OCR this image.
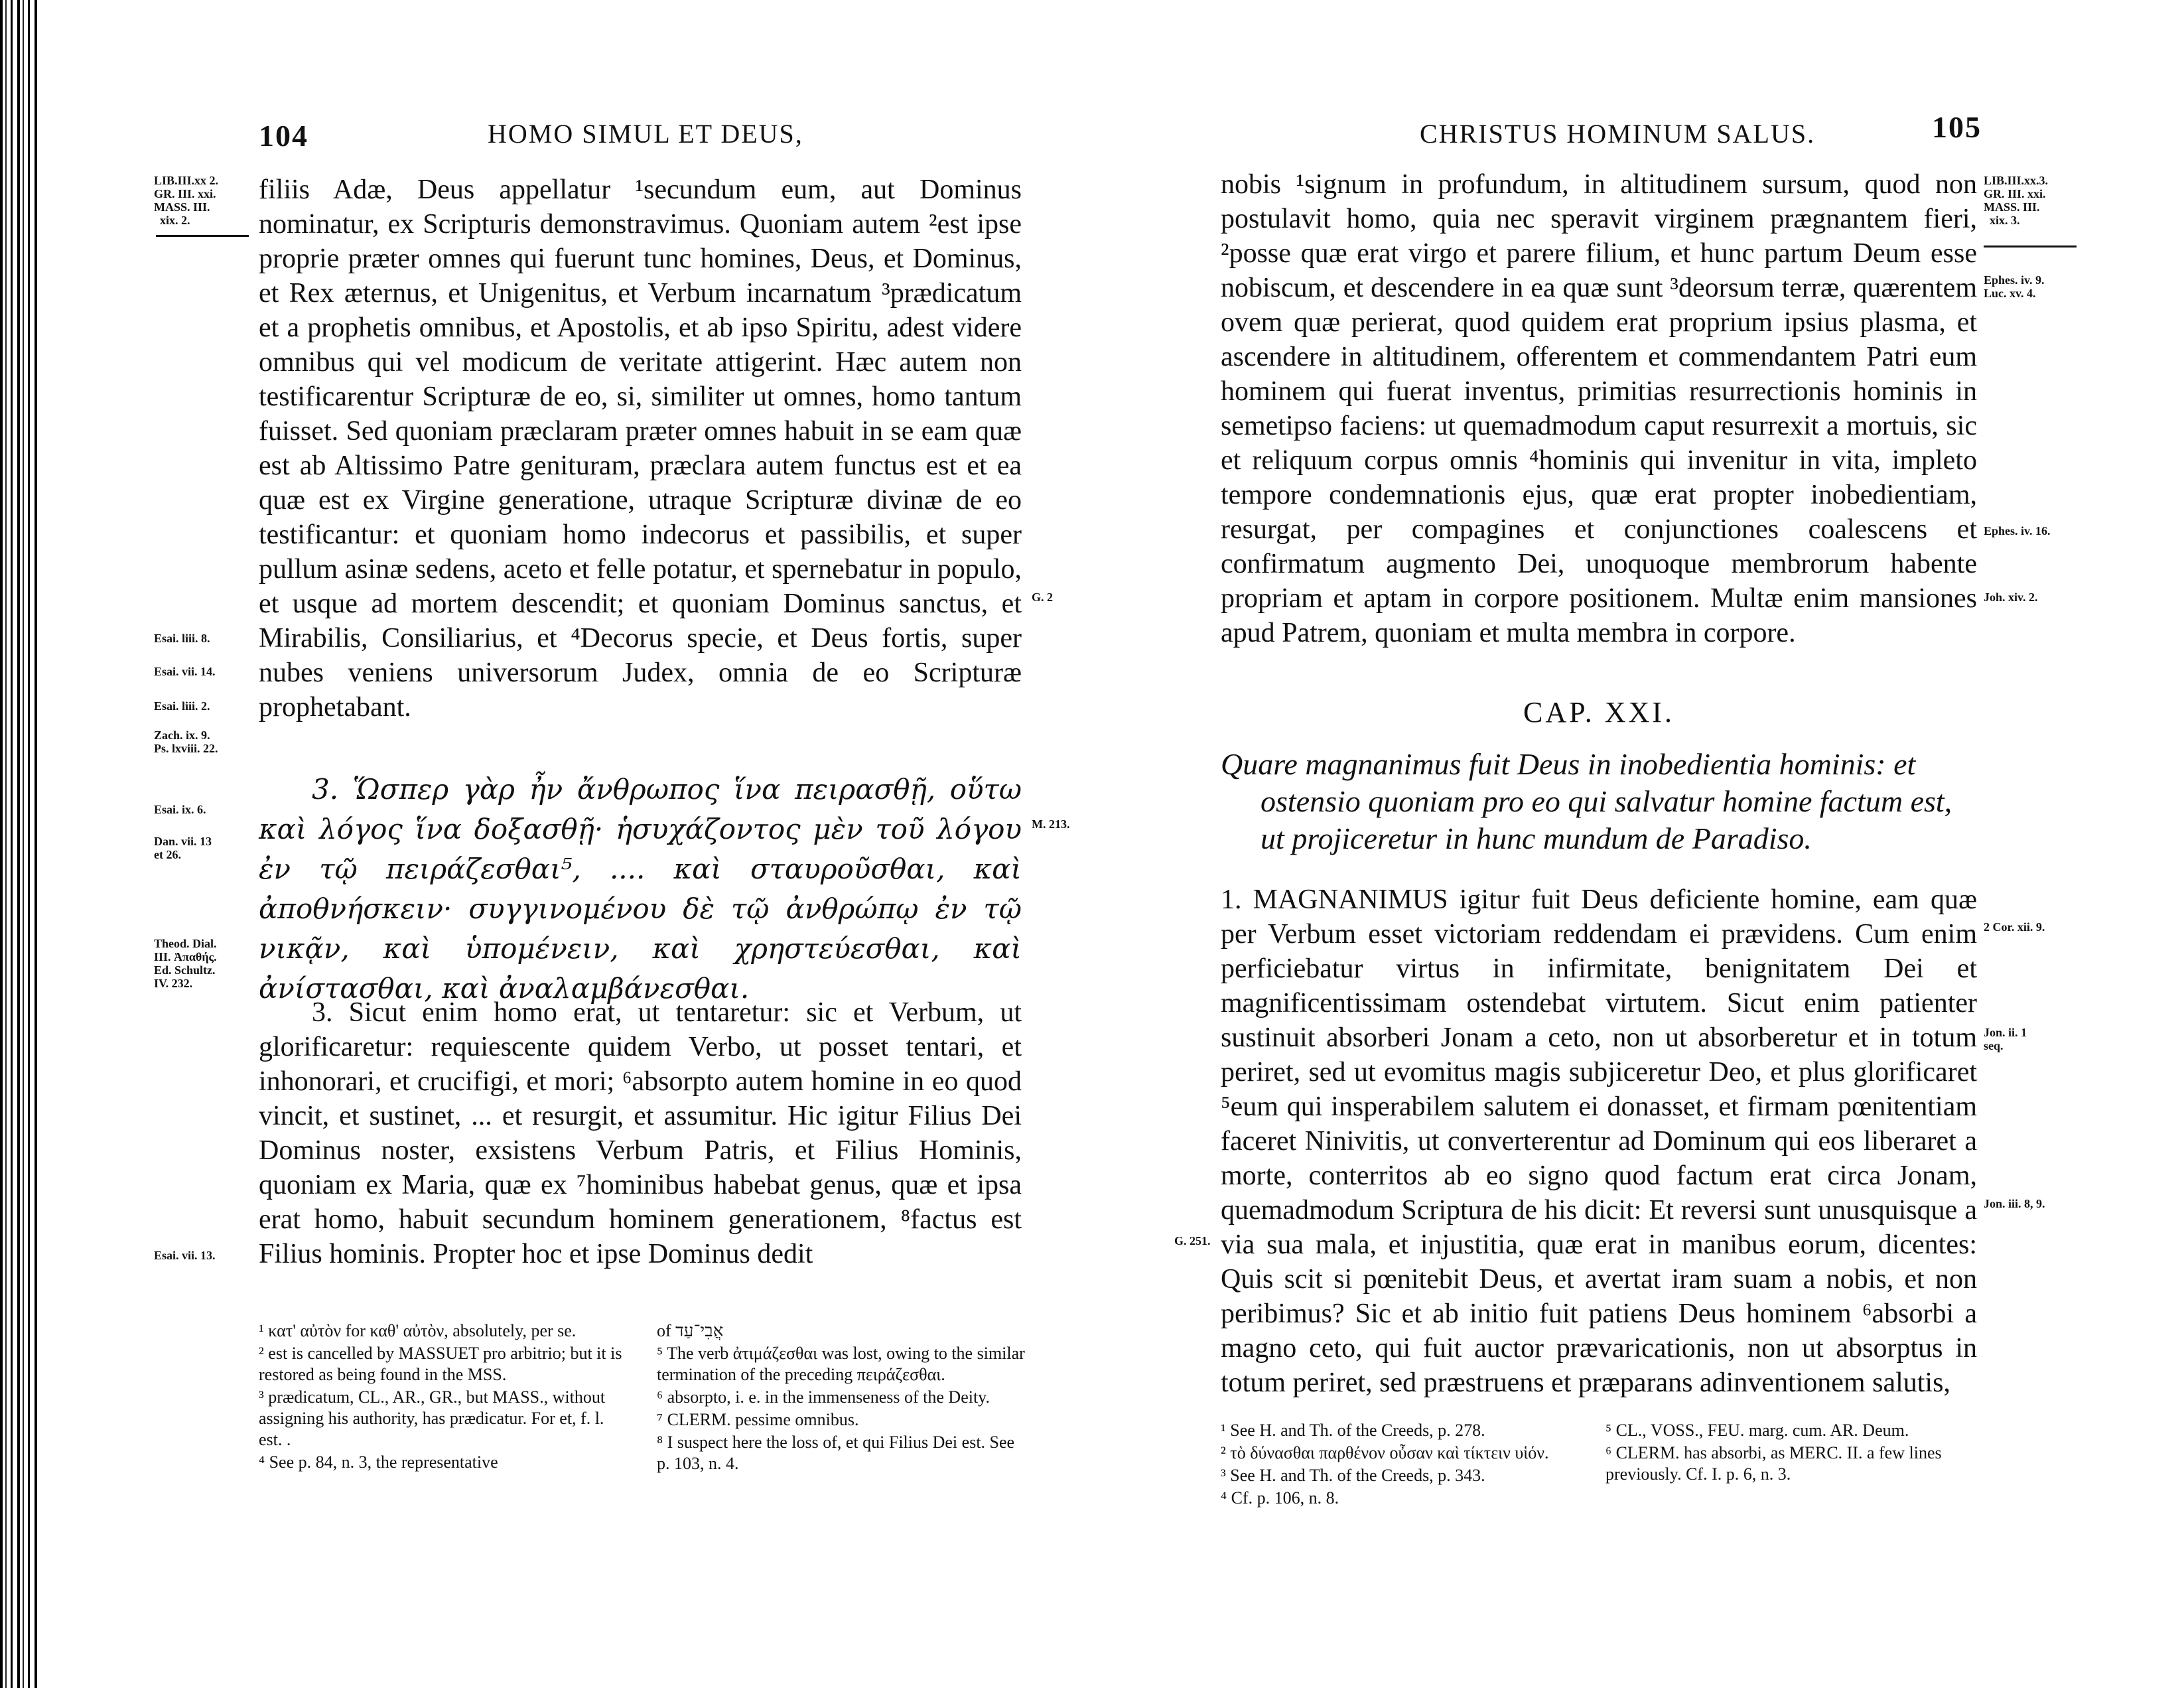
104	HOMO SIMUL ET DEUS,
LIB.III.xx 2.
GR. III. xxi.
MASS. III.
xix. 2.
Esai. liii. 8.
Esai. vii. 14.
Esai. liii. 2.
Zach. ix. 9.
Ps. lxviii. 22.
Esai. ix. 6.
Dan. vii. 13
et 26.
Theod. Dial.
III. Ἀπαθής.
Ed. Schultz.
IV. 232.
Esai. vii. 13.
G. 2
M. 213.

filiis Adæ, Deus appellatur ¹secundum eum, aut Dominus nominatur, ex Scripturis demonstravimus. Quoniam autem ²est ipse proprie præter omnes qui fuerunt tunc homines, Deus, et Dominus, et Rex æternus, et Unigenitus, et Verbum incarnatum ³prædicatum et a prophetis omnibus, et Apostolis, et ab ipso Spiritu, adest videre omnibus qui vel modicum de veritate attigerint. Hæc autem non testificarentur Scripturæ de eo, si, similiter ut omnes, homo tantum fuisset. Sed quoniam præclaram præter omnes habuit in se eam quæ est ab Altissimo Patre genituram, præclara autem functus est et ea quæ est ex Virgine generatione, utraque Scripturæ divinæ de eo testificantur: et quoniam homo indecorus et passibilis, et super pullum asinæ sedens, aceto et felle potatur, et spernebatur in populo, et usque ad mortem descendit; et quoniam Dominus sanctus, et Mirabilis, Consiliarius, et ⁴Decorus specie, et Deus fortis, super nubes veniens universorum Judex, omnia de eo Scripturæ prophetabant.

3. Ὥσπερ γὰρ ἦν ἄνθρωπος ἵνα πειρασθῇ, οὕτω καὶ λόγος ἵνα δοξασθῇ· ἡσυχάζοντος μὲν τοῦ λόγου ἐν τῷ πειράζεσθαι⁵, .... καὶ σταυροῦσθαι, καὶ ἀποθνήσκειν· συγγινομένου δὲ τῷ ἀνθρώπῳ ἐν τῷ νικᾷν, καὶ ὑπομένειν, καὶ χρηστεύεσθαι, καὶ ἀνίστασθαι, καὶ ἀναλαμβάνεσθαι.

3. Sicut enim homo erat, ut tentaretur: sic et Verbum, ut glorificaretur: requiescente quidem Verbo, ut posset tentari, et inhonorari, et crucifigi, et mori; ⁶absorpto autem homine in eo quod vincit, et sustinet, ... et resurgit, et assumitur. Hic igitur Filius Dei Dominus noster, exsistens Verbum Patris, et Filius Hominis, quoniam ex Maria, quæ ex ⁷hominibus habebat genus, quæ et ipsa erat homo, habuit secundum hominem generationem, ⁸factus est Filius hominis. Propter hoc et ipse Dominus dedit

¹ κατ' αὐτὸν for καθ' αὐτὸν, absolutely, per se.

² est is cancelled by MASSUET pro arbitrio; but it is restored as being found in the MSS.

³ prædicatum, CL., AR., GR., but MASS., without assigning his authority, has prædicatur. For et, f. l. est. .

⁴ See p. 84, n. 3, the representative

of אֲבִי־עַד

⁵ The verb ἀτιμάζεσθαι was lost, owing to the similar termination of the preceding πειράζεσθαι.

⁶ absorpto, i. e. in the immenseness of the Deity.

⁷ CLERM. pessime omnibus.

⁸ I suspect here the loss of, et qui Filius Dei est. See p. 103, n. 4.

CHRISTUS HOMINUM SALUS.	105
LIB.III.xx.3.
GR. III. xxi.
MASS. III.
xix. 3.
Ephes. iv. 9.
Luc. xv. 4.
Ephes. iv. 16.
Joh. xiv. 2.
2 Cor. xii. 9.
Jon. ii. 1
seq.
Jon. iii. 8, 9.
G. 251.

nobis ¹signum in profundum, in altitudinem sursum, quod non postulavit homo, quia nec speravit virginem prægnantem fieri, ²posse quæ erat virgo et parere filium, et hunc partum Deum esse nobiscum, et descendere in ea quæ sunt ³deorsum terræ, quærentem ovem quæ perierat, quod quidem erat proprium ipsius plasma, et ascendere in altitudinem, offerentem et commendantem Patri eum hominem qui fuerat inventus, primitias resurrectionis hominis in semetipso faciens: ut quemadmodum caput resurrexit a mortuis, sic et reliquum corpus omnis ⁴hominis qui invenitur in vita, impleto tempore condemnationis ejus, quæ erat propter inobedientiam, resurgat, per compagines et conjunctiones coalescens et confirmatum augmento Dei, unoquoque membrorum habente propriam et aptam in corpore positionem. Multæ enim mansiones apud Patrem, quoniam et multa membra in corpore.

CAP. XXI.

Quare magnanimus fuit Deus in inobedientia hominis: et ostensio quoniam pro eo qui salvatur homine factum est, ut projiceretur in hunc mundum de Paradiso.

1. MAGNANIMUS igitur fuit Deus deficiente homine, eam quæ per Verbum esset victoriam reddendam ei prævidens. Cum enim perficiebatur virtus in infirmitate, benignitatem Dei et magnificentissimam ostendebat virtutem. Sicut enim patienter sustinuit absorberi Jonam a ceto, non ut absorberetur et in totum periret, sed ut evomitus magis subjiceretur Deo, et plus glorificaret ⁵eum qui insperabilem salutem ei donasset, et firmam pœnitentiam faceret Ninivitis, ut converterentur ad Dominum qui eos liberaret a morte, conterritos ab eo signo quod factum erat circa Jonam, quemadmodum Scriptura de his dicit: Et reversi sunt unusquisque a via sua mala, et injustitia, quæ erat in manibus eorum, dicentes: Quis scit si pœnitebit Deus, et avertat iram suam a nobis, et non peribimus? Sic et ab initio fuit patiens Deus hominem ⁶absorbi a magno ceto, qui fuit auctor prævaricationis, non ut absorptus in totum periret, sed præstruens et præparans adinventionem salutis,

¹ See H. and Th. of the Creeds, p. 278.

² τὸ δύνασθαι παρθένον οὖσαν καὶ τίκτειν υἱόν.

³ See H. and Th. of the Creeds, p. 343.

⁴ Cf. p. 106, n. 8.

⁵ CL., VOSS., FEU. marg. cum. AR. Deum.

⁶ CLERM. has absorbi, as MERC. II. a few lines previously. Cf. I. p. 6, n. 3.
